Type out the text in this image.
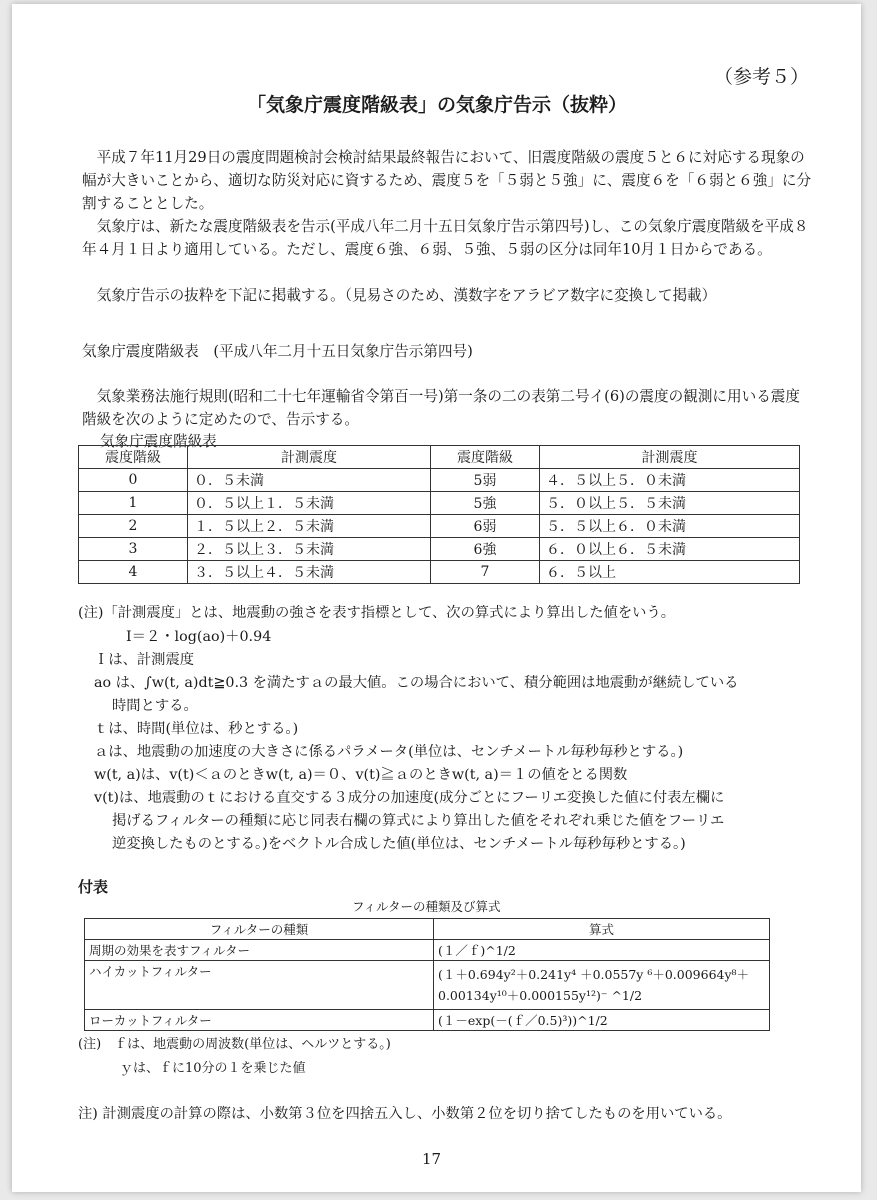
（参考５）
「気象庁震度階級表」の気象庁告示（抜粋）
平成７年11月29日の震度問題検討会検討結果最終報告において、旧震度階級の震度５と６に対応する現象の幅が大きいことから、適切な防災対応に資するため、震度５を「５弱と５強」に、震度６を「６弱と６強」に分割することとした。
気象庁は、新たな震度階級表を告示(平成八年二月十五日気象庁告示第四号)し、この気象庁震度階級を平成８年４月１日より適用している。ただし、震度６強、６弱、５強、５弱の区分は同年10月１日からである。
気象庁告示の抜粋を下記に掲載する。（見易さのため、漢数字をアラビア数字に変換して掲載）
気象庁震度階級表　(平成八年二月十五日気象庁告示第四号)
気象業務法施行規則(昭和二十七年運輸省令第百一号)第一条の二の表第二号イ(6)の震度の観測に用いる震度階級を次のように定めたので、告示する。
気象庁震度階級表
震度階級	計測震度	震度階級	計測震度
0	０．５未満	5弱	４．５以上５．０未満
1	０．５以上１．５未満	5強	５．０以上５．５未満
2	１．５以上２．５未満	6弱	５．５以上６．０未満
3	２．５以上３．５未満	6強	６．０以上６．５未満
4	３．５以上４．５未満	7	６．５以上
(注)「計測震度」とは、地震動の強さを表す指標として、次の算式により算出した値をいう。
I＝２・log(ao)＋0.94
Ｉは、計測震度
ao は、∫w(t, a)dt≧0.3 を満たすａの最大値。この場合において、積分範囲は地震動が継続している
時間とする。
ｔは、時間(単位は、秒とする。)
ａは、地震動の加速度の大きさに係るパラメータ(単位は、センチメートル毎秒毎秒とする。)
w(t, a)は、v(t)＜ａのときw(t, a)＝０、v(t)≧ａのときw(t, a)＝１の値をとる関数
v(t)は、地震動のｔにおける直交する３成分の加速度(成分ごとにフーリエ変換した値に付表左欄に
掲げるフィルターの種類に応じ同表右欄の算式により算出した値をそれぞれ乗じた値をフーリエ
逆変換したものとする。)をベクトル合成した値(単位は、センチメートル毎秒毎秒とする。)
付表
フィルターの種類及び算式
フィルターの種類	算式
周期の効果を表すフィルター	(１／ｆ)^1/2
ハイカットフィルター	(１＋0.694y²＋0.241y⁴ ＋0.0557y ⁶＋0.009664y⁸＋ 0.00134y¹⁰＋0.000155y¹²)⁻ ^1/2
ローカットフィルター	(１－exp(－(ｆ／0.5)³))^1/2
(注)　ｆは、地震動の周波数(単位は、ヘルツとする。)
ｙは、ｆに10分の１を乗じた値
注) 計測震度の計算の際は、小数第３位を四捨五入し、小数第２位を切り捨てしたものを用いている。
17
